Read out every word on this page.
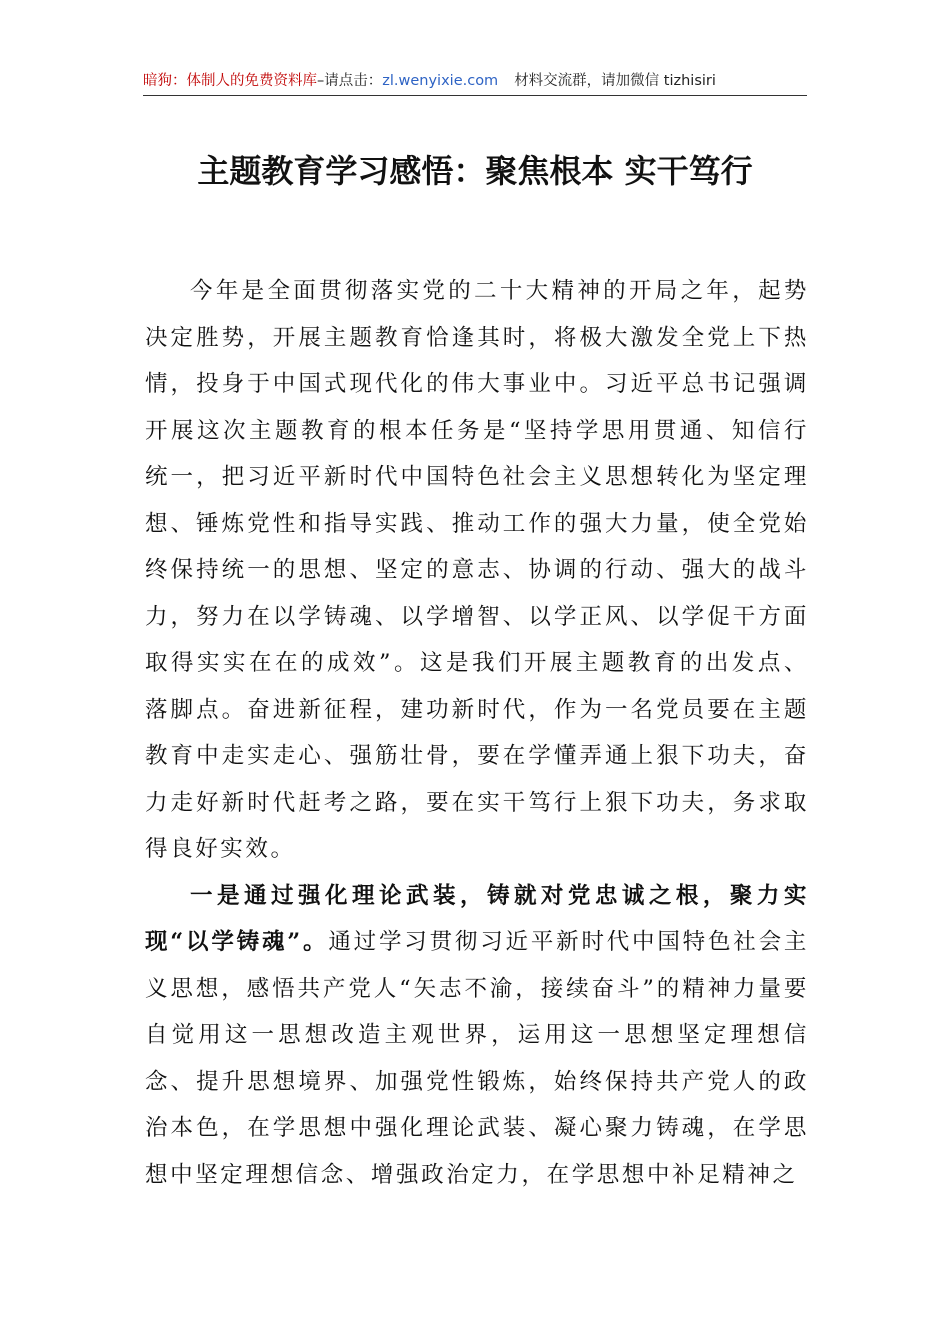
暗狗：体制人的免费资料库–请点击：zl.wenyixie.com 材料交流群，请加微信 tizhisiri
主题教育学习感悟：聚焦根本 实干笃行

今年是全面贯彻落实党的二十大精神的开局之年，起势决定胜势，开展主题教育恰逢其时，将极大激发全党上下热情，投身于中国式现代化的伟大事业中。习近平总书记强调开展这次主题教育的根本任务是“坚持学思用贯通、知信行统一，把习近平新时代中国特色社会主义思想转化为坚定理想、锤炼党性和指导实践、推动工作的强大力量，使全党始终保持统一的思想、坚定的意志、协调的行动、强大的战斗力，努力在以学铸魂、以学增智、以学正风、以学促干方面取得实实在在的成效”。这是我们开展主题教育的出发点、落脚点。奋进新征程，建功新时代，作为一名党员要在主题教育中走实走心、强筋壮骨，要在学懂弄通上狠下功夫，奋力走好新时代赶考之路，要在实干笃行上狠下功夫，务求取得良好实效。

一是通过强化理论武装，铸就对党忠诚之根，聚力实现“以学铸魂”。通过学习贯彻习近平新时代中国特色社会主义思想，感悟共产党人“矢志不渝，接续奋斗”的精神力量要自觉用这一思想改造主观世界，运用这一思想坚定理想信念、提升思想境界、加强党性锻炼，始终保持共产党人的政治本色，在学思想中强化理论武装、凝心聚力铸魂，在学思想中坚定理想信念、增强政治定力，在学思想中补足精神之
